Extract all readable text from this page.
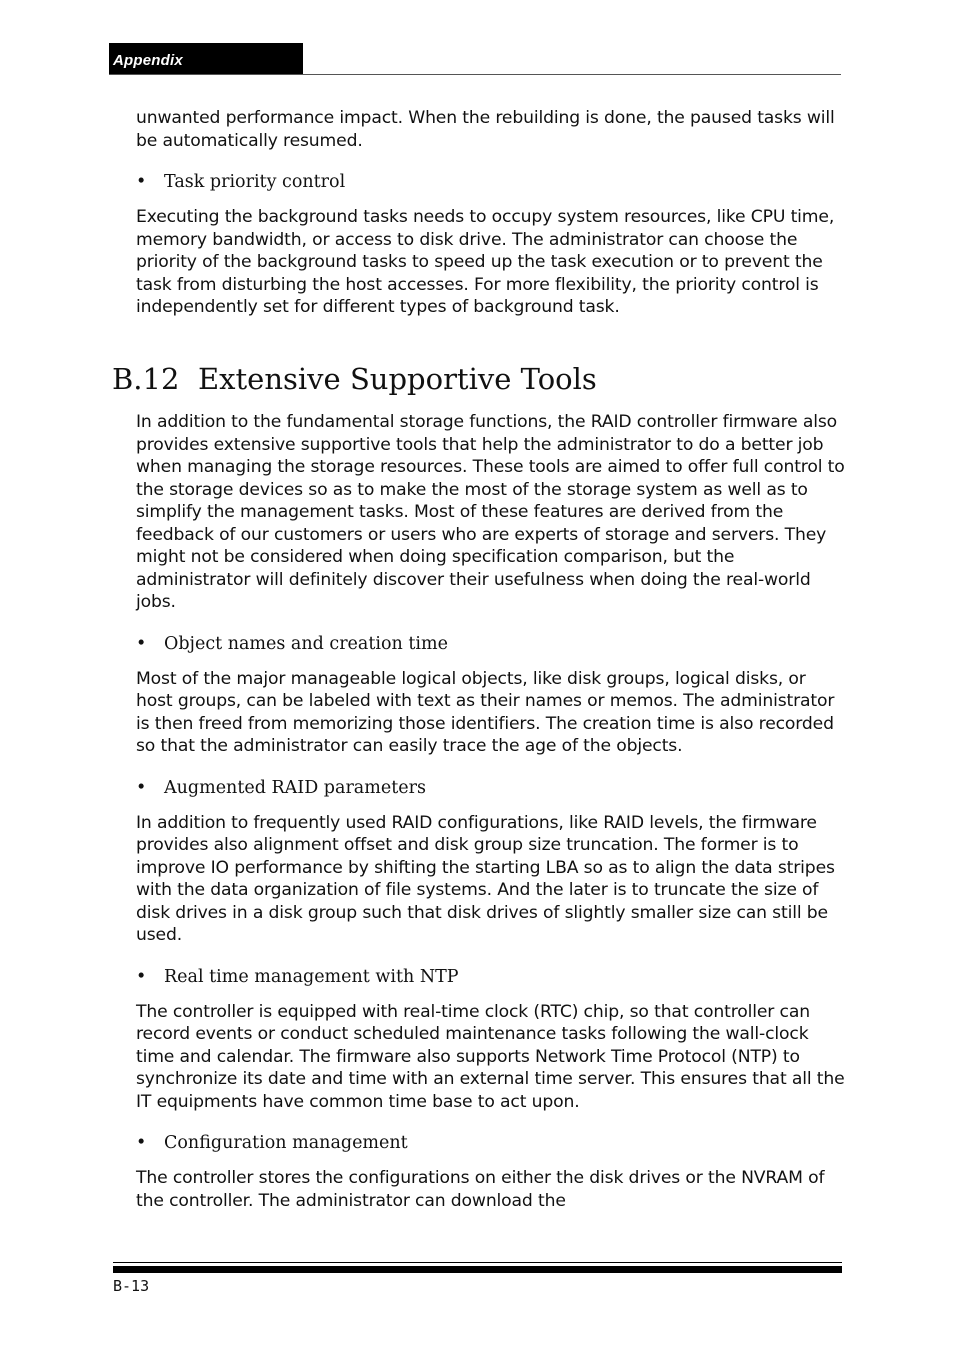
Appendix

unwanted performance impact. When the rebuilding is done, the paused tasks will be automatically resumed.

• Task priority control

Executing the background tasks needs to occupy system resources, like CPU time, memory bandwidth, or access to disk drive. The administrator can choose the priority of the background tasks to speed up the task execution or to prevent the task from disturbing the host accesses. For more flexibility, the priority control is independently set for different types of background task.

B.12 Extensive Supportive Tools

In addition to the fundamental storage functions, the RAID controller firmware also provides extensive supportive tools that help the administrator to do a better job when managing the storage resources. These tools are aimed to offer full control to the storage devices so as to make the most of the storage system as well as to simplify the management tasks. Most of these features are derived from the feedback of our customers or users who are experts of storage and servers. They might not be considered when doing specification comparison, but the administrator will definitely discover their usefulness when doing the real-world jobs.

• Object names and creation time

Most of the major manageable logical objects, like disk groups, logical disks, or host groups, can be labeled with text as their names or memos. The administrator is then freed from memorizing those identifiers. The creation time is also recorded so that the administrator can easily trace the age of the objects.

• Augmented RAID parameters

In addition to frequently used RAID configurations, like RAID levels, the firmware provides also alignment offset and disk group size truncation. The former is to improve IO performance by shifting the starting LBA so as to align the data stripes with the data organization of file systems. And the later is to truncate the size of disk drives in a disk group such that disk drives of slightly smaller size can still be used.

• Real time management with NTP

The controller is equipped with real-time clock (RTC) chip, so that controller can record events or conduct scheduled maintenance tasks following the wall-clock time and calendar. The firmware also supports Network Time Protocol (NTP) to synchronize its date and time with an external time server. This ensures that all the IT equipments have common time base to act upon.

• Configuration management

The controller stores the configurations on either the disk drives or the NVRAM of the controller. The administrator can download the

B-13
